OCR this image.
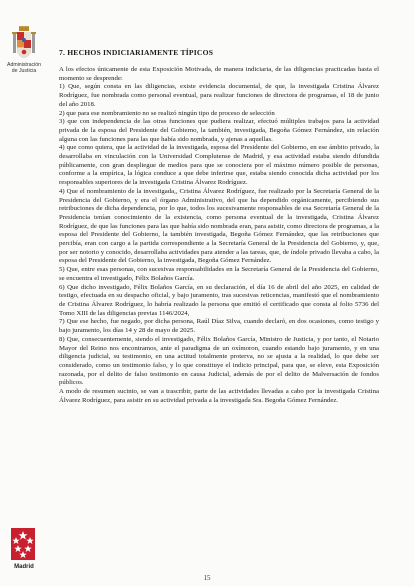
Administración
de Justicia
Madrid

7. HECHOS INDICIARIAMENTE TÍPICOS

A los efectos únicamente de esta Exposición Motivada, de manera indiciaria, de las diligencias practicadas hasta el momento se desprende:

1) Que, según consta en las diligencias, existe evidencia documental, de que, la investigada Cristina Álvarez Rodríguez, fue nombrada como personal eventual, para realizar funciones de directora de programas, el 18 de junio del año 2018.

2) que para ese nombramiento no se realizó ningún tipo de proceso de selección

3) que con independencia de las otras funciones que pudiera realizar, efectuó múltiples trabajos para la actividad privada de la esposa del Presidente del Gobierno, la también, investigada, Begoña Gómez Fernández, sin relación alguna con las funciones para las que había sido nombrada, y ajenas a aquellas.

4) que como quiera, que la actividad de la investigada, esposa del Presidente del Gobierno, en ese ámbito privado, la desarrollaba en vinculación con la Universidad Complutense de Madrid, y esa actividad estaba siendo difundida públicamente, con gran despliegue de medios para que se conociera por el máximo número posible de personas, conforme a la empírica, la lógica conduce a que debe inferirse que, estaba siendo conocida dicha actividad por los responsables superiores de la investigada Cristina Álvarez Rodríguez.

4) Que el nombramiento de la investigada,, Cristina Álvarez Rodríguez, fue realizado por la Secretaría General de la Presidencia del Gobierno, y era el órgano Administrativo, del que ha dependido orgánicamente, percibiendo sus retribuciones de dicha dependencia, por lo que, todos los sucesivamente responsables de esa Secretaría General de la Presidencia tenían conocimiento de la existencia, como persona eventual de la investigada, Cristina Álvarez Rodríguez, de que las funciones para las que había sido nombrada eran, para asistir, como directora de programas, a la esposa del Presidente del Gobierno, la también investigada, Begoña Gómez Fernández, que las retribuciones que percibía, eran con cargo a la partida correspondiente a la Secretaría General de la Presidencia del Gobierno, y, que, por ser notorio y conocido, desarrollaba actividades para atender a las tareas, que, de índole privado llevaba a cabo, la esposa del Presidente del Gobierno, la investigada, Begoña Gómez Fernández.

5) Que, entre esas personas, con sucesivas responsabilidades en la Secretaría General de la Presidencia del Gobierno, se encuentra el investigado, Félix Bolaños García.

6) Que dicho investigado, Félix Bolaños García, en su declaración, el día 16 de abril del año 2025, en calidad de testigo, efectuada en su despacho oficial, y bajo juramento, tras sucesivas reticencias, manifestó que el nombramiento de Cristina Álvarez Rodríguez, lo habría realizado la persona que emitió el certificado que consta al folio 5736 del Tomo XIII de las diligencias previas 1146/2024,

7) Que ese hecho, fue negado, por dicha persona, Raúl Díaz Silva, cuando declaró, en dos ocasiones, como testigo y bajo juramento, los días 14 y 28 de mayo de 2025.

8) Que, consecuentemente, siendo el investigado, Félix Bolaños García, Ministro de Justicia, y por tanto, el Notario Mayor del Reino nos encontramos, ante el paradigma de un oxímoron, cuando estando bajo juramento, y en una diligencia judicial, su testimonio, en una actitud totalmente proterva, no se ajusta a la realidad, lo que debe ser considerado, como un testimonio falso, y lo que constituye el indicio principal, para que, se eleve, esta Exposición razonada, por el delito de falso testimonio en causa Judicial, además de por el delito de Malversación de fondos públicos.

A modo de resumen sucinto, se van a trascribir, parte de las actividades llevadas a cabo por la investigada Cristina Álvarez Rodríguez, para asistir en su actividad privada a la investigada Sra. Begoña Gómez Fernández.

15
